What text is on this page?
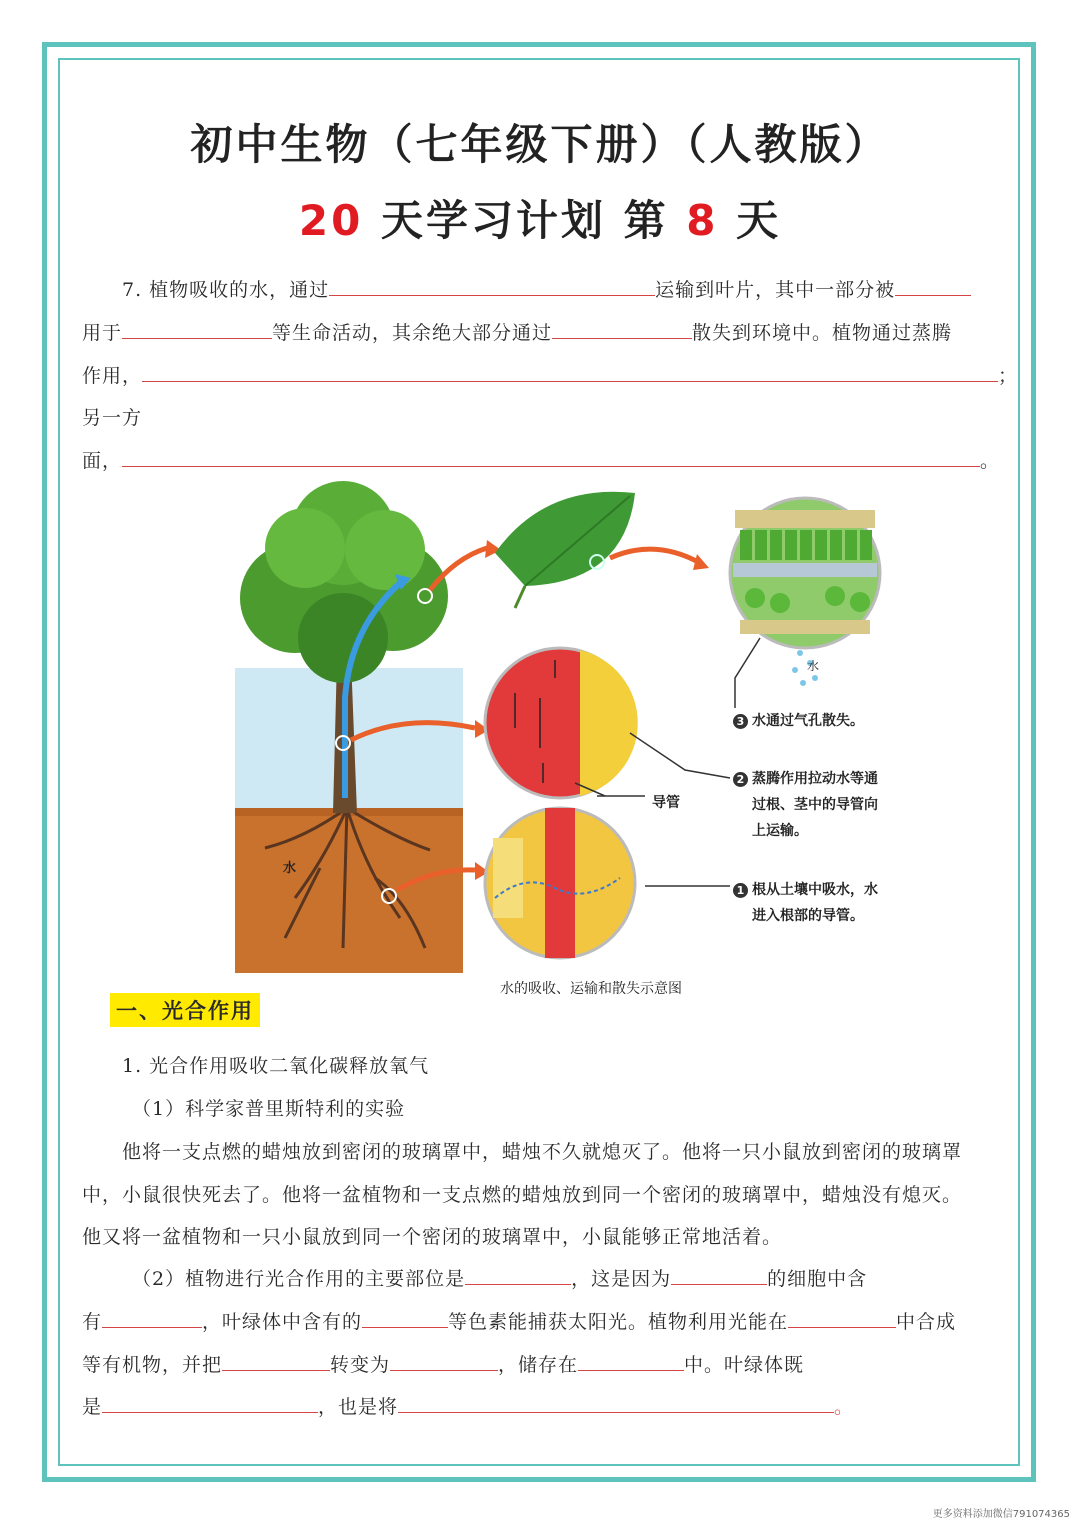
初中生物（七年级下册）（人教版）
20 天学习计划 第 8 天
7. 植物吸收的水，通过	运输到叶片，其中一部分被
用于	等生命活动，其余绝大部分通过	散失到环境中。植物通过蒸腾
作用，	；
另一方
面，	。
水
水
导管
3 水通过气孔散失。
2 蒸腾作用拉动水等通
过根、茎中的导管向
上运输。
1 根从土壤中吸水，水
进入根部的导管。
水的吸收、运输和散失示意图
一、光合作用
1. 光合作用吸收二氧化碳释放氧气
（1）科学家普里斯特利的实验
他将一支点燃的蜡烛放到密闭的玻璃罩中，蜡烛不久就熄灭了。他将一只小鼠放到密闭的玻璃罩
中，小鼠很快死去了。他将一盆植物和一支点燃的蜡烛放到同一个密闭的玻璃罩中，蜡烛没有熄灭。
他又将一盆植物和一只小鼠放到同一个密闭的玻璃罩中，小鼠能够正常地活着。
（2）植物进行光合作用的主要部位是	，这是因为	的细胞中含
有	，叶绿体中含有的	等色素能捕获太阳光。植物利用光能在	中合成
等有机物，并把	转变为	，储存在	中。叶绿体既
是	，也是将	。
更多资料添加微信791074365
